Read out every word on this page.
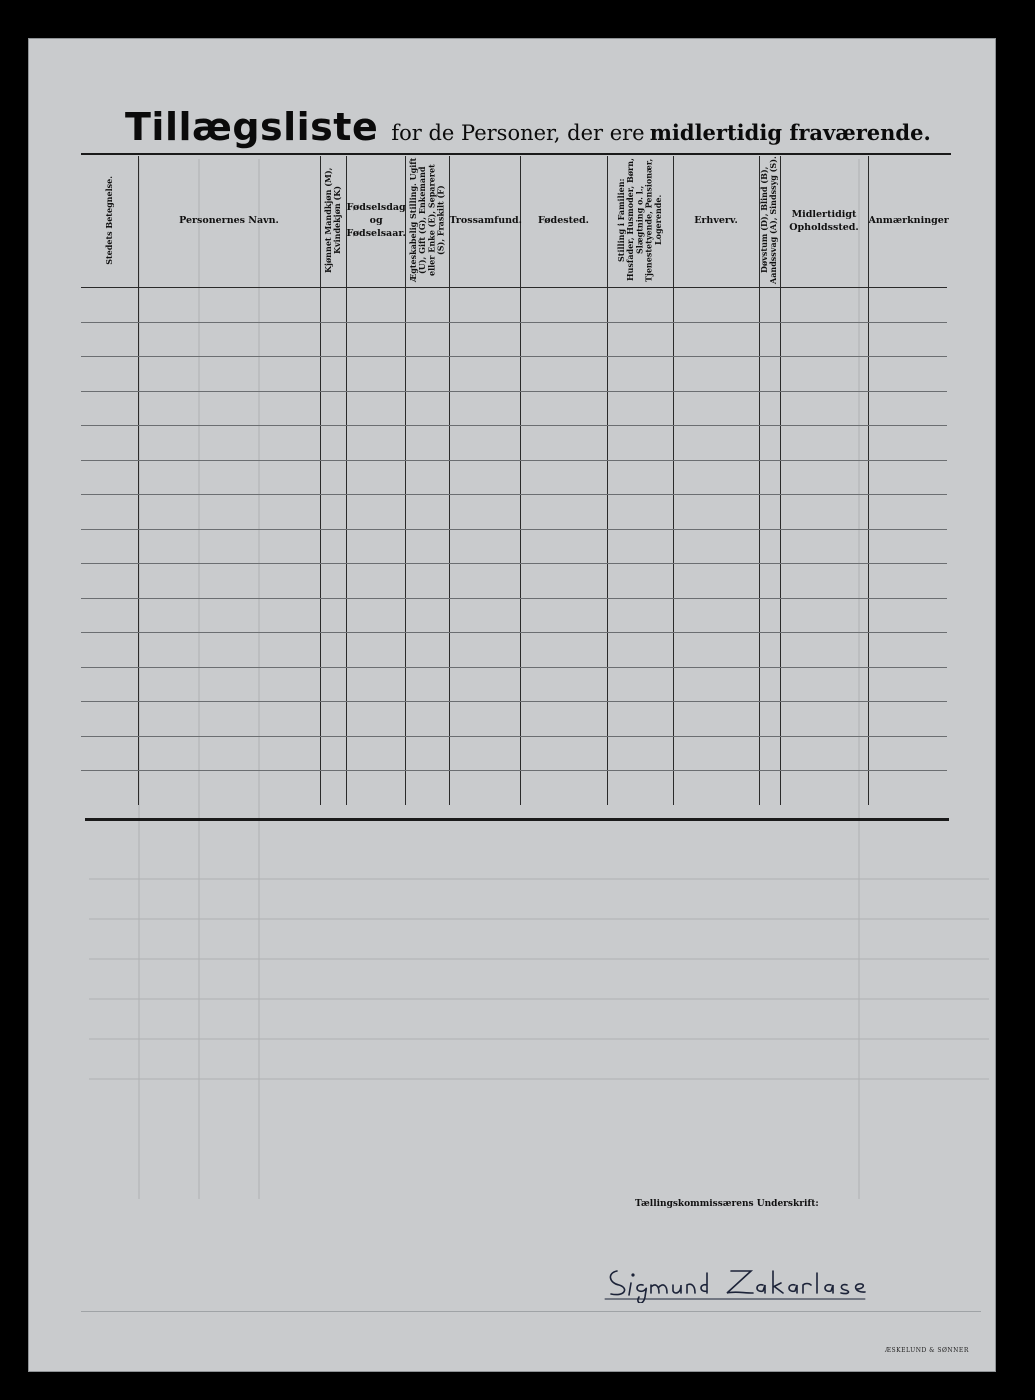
Tillægsliste for de Personer, der ere midlertidig fraværende.
Stedets Betegnelse.	Personernes Navn.	Kjønnet Mandkjøn (M), Kvindekjøn (K)	Fødselsdag og Fødselsaar.	Ægteskabelig Stilling. Ugift (U), Gift (G), Enkemand eller Enke (E), Separeret (S), Fraskilt (F)	Trossamfund.	Fødested.	Stilling i Familien: Husfader, Husmoder, Børn, Slægtning o. l., Tjenestetyende, Pensionær, Logerende.	Erhverv.	Døvstum (D), Blind (B), Aandssvag (A), Sindssyg (S).	Midlertidigt Opholdssted.	Anmærkninger

Tællingskommissærens Underskrift:
ÆSKELUND & SØNNER
